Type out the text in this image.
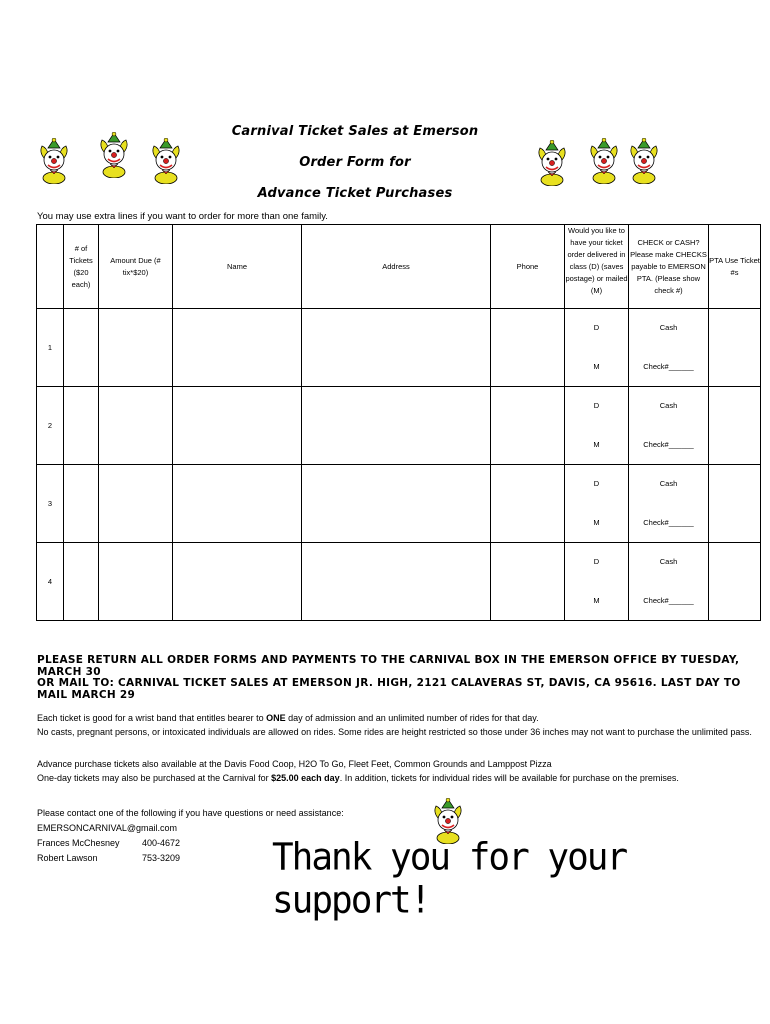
Carnival Ticket Sales at Emerson
Order Form for
Advance Ticket Purchases
You may use extra lines if you want to order for more than one family.
	# of Tickets ($20 each)	Amount Due (# tix*$20)	Name	Address	Phone	Would you like to have your ticket order delivered in class (D) (saves postage) or mailed (M)	CHECK or CASH? Please make CHECKS payable to EMERSON PTA. (Please show check #)	PTA Use Ticket #s
1						D	Cash	
						M	Check#______	
2						D	Cash	
						M	Check#______	
3						D	Cash	
						M	Check#______	
4						D	Cash	
						M	Check#______	
PLEASE RETURN ALL ORDER FORMS AND PAYMENTS TO THE CARNIVAL BOX IN THE EMERSON OFFICE BY TUESDAY, MARCH 30
OR MAIL TO: CARNIVAL TICKET SALES AT EMERSON JR. HIGH, 2121 CALAVERAS ST, DAVIS, CA 95616. LAST DAY TO MAIL MARCH 29
Each ticket is good for a wrist band that entitles bearer to ONE day of admission and an unlimited number of rides for that day.
No casts, pregnant persons, or intoxicated individuals are allowed on rides. Some rides are height restricted so those under 36 inches may not want to purchase the unlimited pass.
Advance purchase tickets also available at the Davis Food Coop, H2O To Go, Fleet Feet, Common Grounds and Lamppost Pizza
One-day tickets may also be purchased at the Carnival for $25.00 each day. In addition, tickets for individual rides will be available for purchase on the premises.
Please contact one of the following if you have questions or need assistance:
EMERSONCARNIVAL@gmail.com
Frances McChesney 400-4672
Robert Lawson	753-3209	Thank you for your support!
